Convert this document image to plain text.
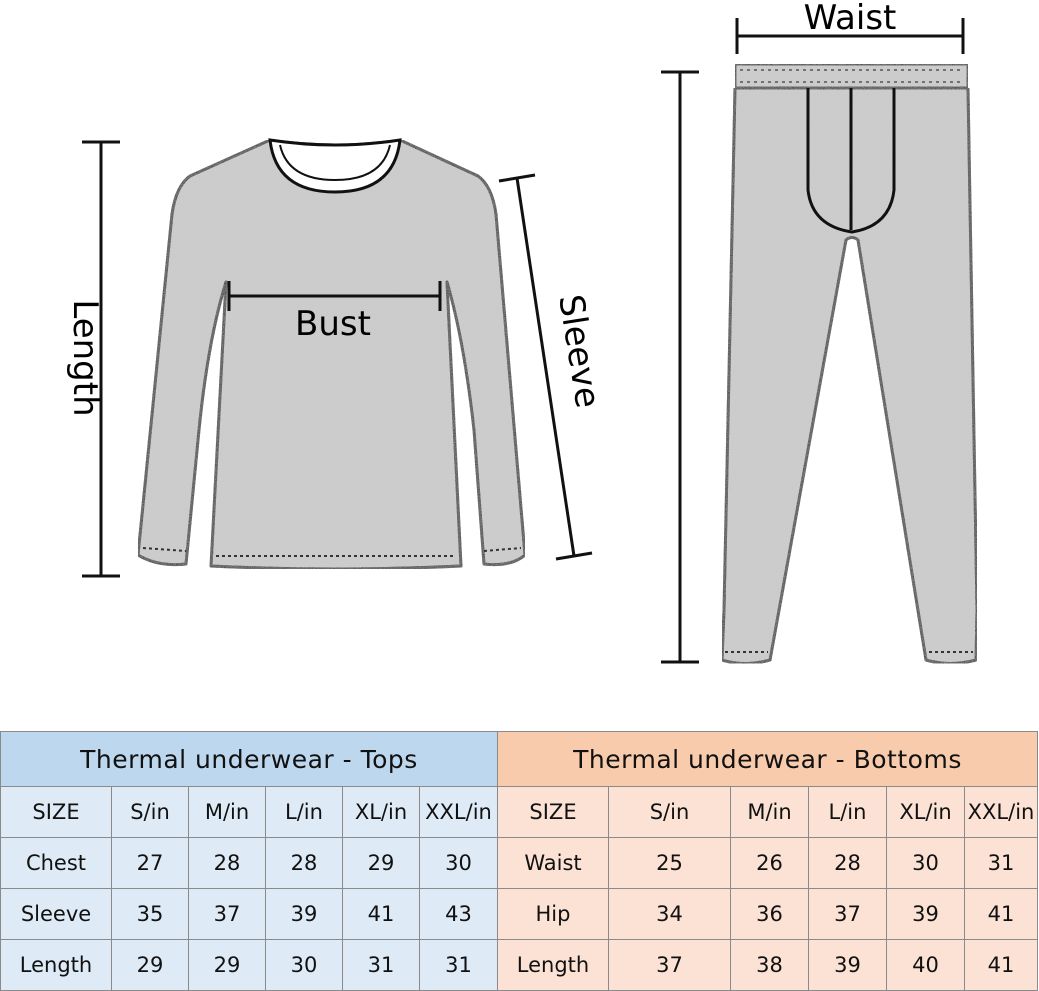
Length	Bust	Sleeve
Waist
Thermal underwear - Tops					
SIZE	S/in	M/in	L/in	XL/in	XXL/in
Chest	27	28	28	29	30
Sleeve	35	37	39	41	43
Length	29	29	30	31	31
Thermal underwear - Bottoms					
SIZE	S/in	M/in	L/in	XL/in	XXL/in
Waist	25	26	28	30	31
Hip	34	36	37	39	41
Length	37	38	39	40	41
